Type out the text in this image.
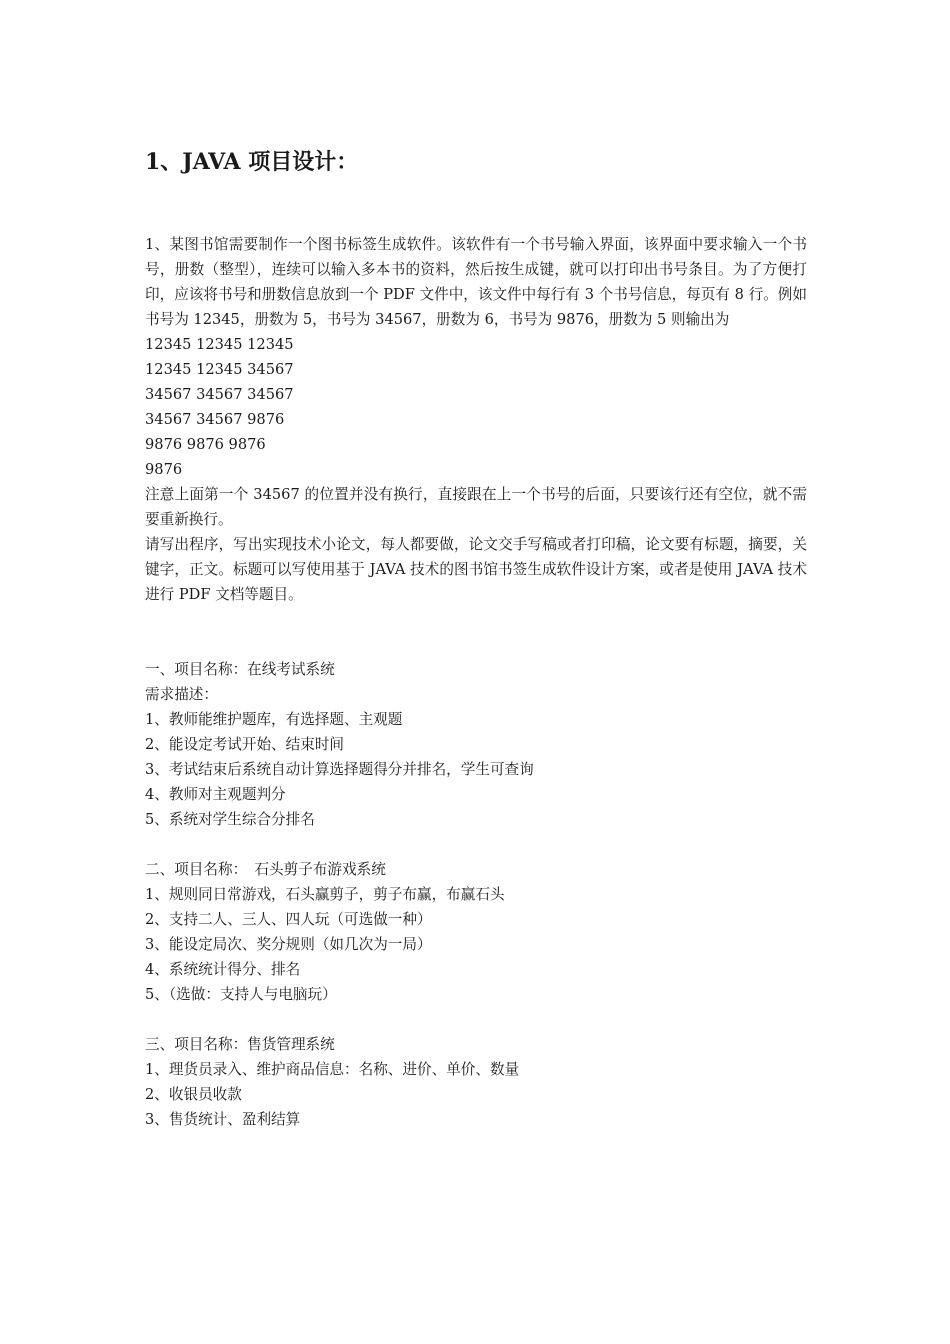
1、JAVA 项目设计：

1、某图书馆需要制作一个图书标签生成软件。该软件有一个书号输入界面，该界面中要求输入一个书号，册数（整型），连续可以输入多本书的资料，然后按生成键，就可以打印出书号条目。为了方便打印，应该将书号和册数信息放到一个 PDF 文件中，该文件中每行有 3 个书号信息，每页有 8 行。例如书号为 12345，册数为 5，书号为 34567，册数为 6，书号为 9876，册数为 5 则输出为

12345 12345 12345
12345 12345 34567
34567 34567 34567
34567 34567 9876
9876 9876 9876
9876

注意上面第一个 34567 的位置并没有换行，直接跟在上一个书号的后面，只要该行还有空位，就不需要重新换行。

请写出程序，写出实现技术小论文，每人都要做，论文交手写稿或者打印稿，论文要有标题，摘要，关键字，正文。标题可以写使用基于 JAVA 技术的图书馆书签生成软件设计方案，或者是使用 JAVA 技术进行 PDF 文档等题目。

一、项目名称：在线考试系统
需求描述：
1、教师能维护题库，有选择题、主观题
2、能设定考试开始、结束时间
3、考试结束后系统自动计算选择题得分并排名，学生可查询
4、教师对主观题判分
5、系统对学生综合分排名
二、项目名称：　石头剪子布游戏系统
1、规则同日常游戏，石头赢剪子，剪子布赢，布赢石头
2、支持二人、三人、四人玩（可选做一种）
3、能设定局次、奖分规则（如几次为一局）
4、系统统计得分、排名
5、（选做：支持人与电脑玩）
三、项目名称：售货管理系统
1、理货员录入、维护商品信息：名称、进价、单价、数量
2、收银员收款
3、售货统计、盈利结算
